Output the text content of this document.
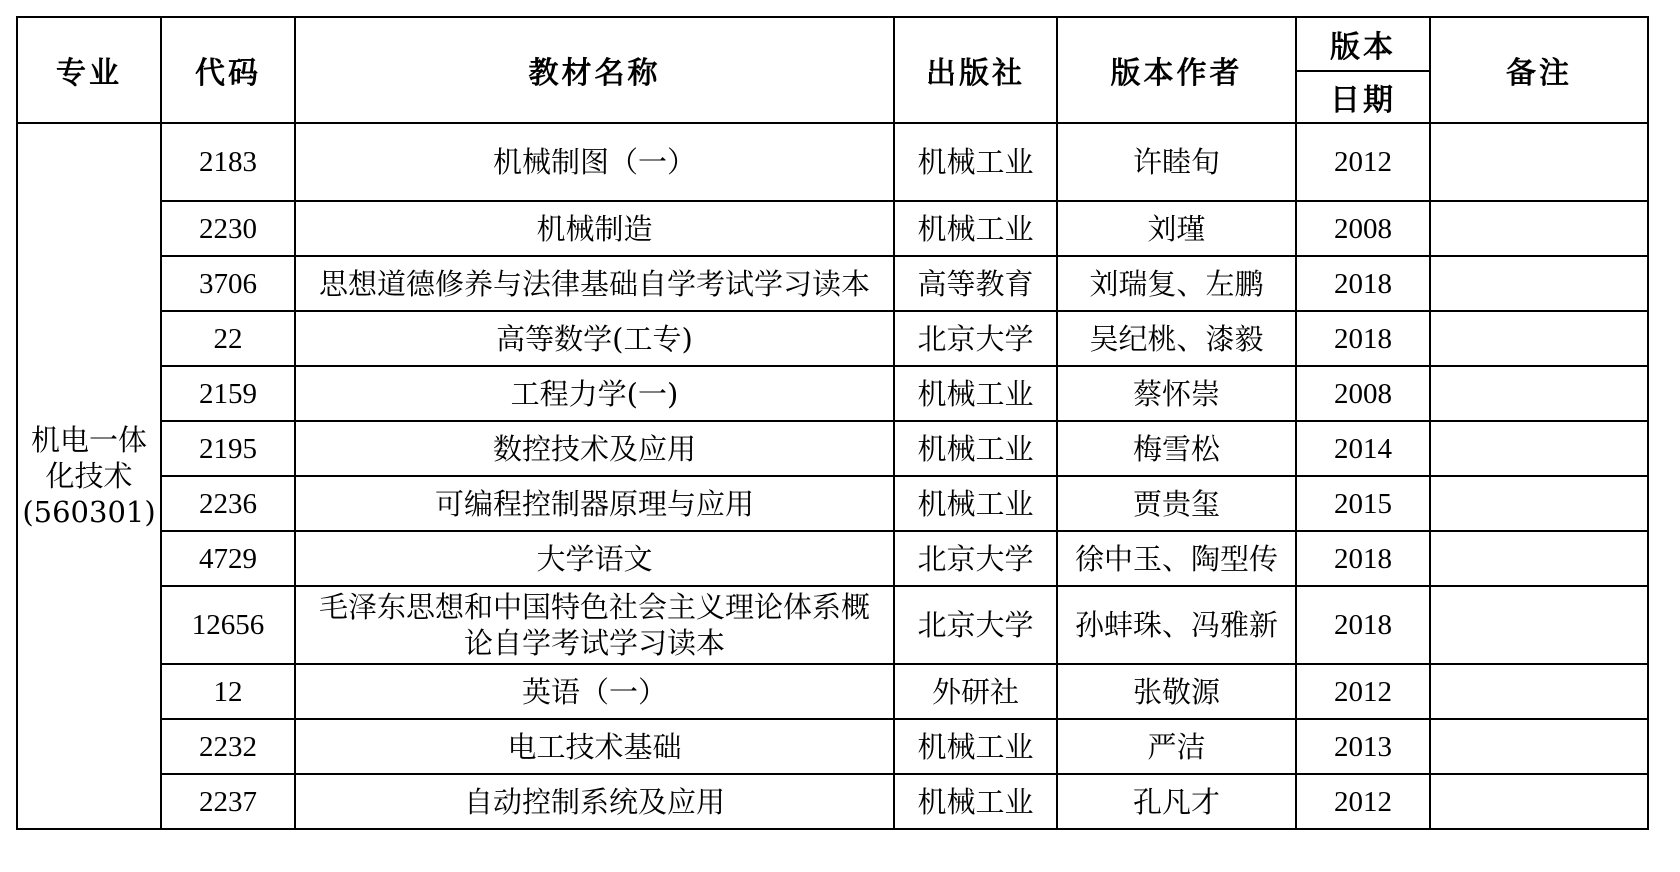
专业	代码	教材名称	出版社	版本作者	版本	备注
					日期	

机电一体
化技术
(560301)	2183	机械制图（一）	机械工业	许睦旬	2012	
	2230	机械制造	机械工业	刘瑾	2008	
	3706	思想道德修养与法律基础自学考试学习读本	高等教育	刘瑞复、左鹏	2018	
	22	高等数学(工专)	北京大学	吴纪桃、漆毅	2018	
	2159	工程力学(一)	机械工业	蔡怀崇	2008	
	2195	数控技术及应用	机械工业	梅雪松	2014	
	2236	可编程控制器原理与应用	机械工业	贾贵玺	2015	
	4729	大学语文	北京大学	徐中玉、陶型传	2018	
	12656	毛泽东思想和中国特色社会主义理论体系概
论自学考试学习读本	北京大学	孙蚌珠、冯雅新	2018	
	12	英语（一）	外研社	张敬源	2012	
	2232	电工技术基础	机械工业	严洁	2013	
	2237	自动控制系统及应用	机械工业	孔凡才	2012	
